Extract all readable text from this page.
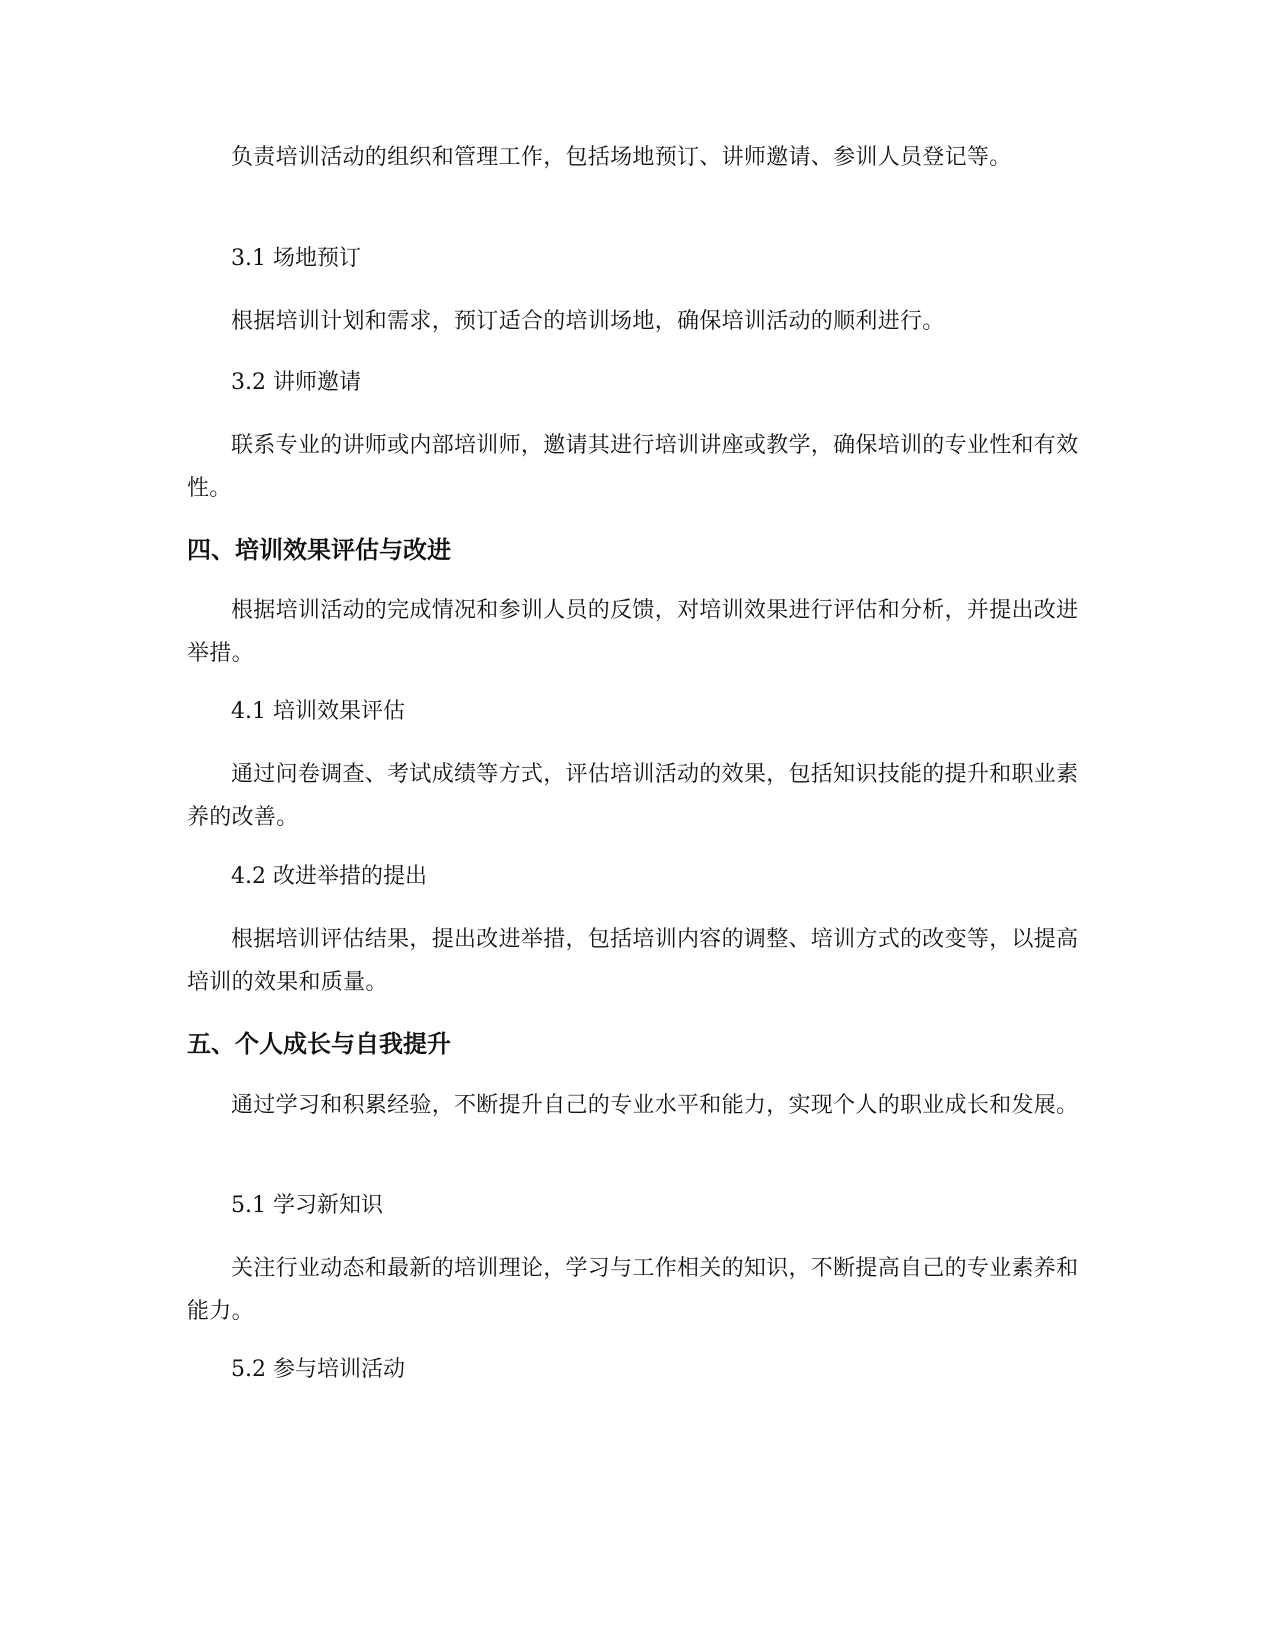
负责培训活动的组织和管理工作，包括场地预订、讲师邀请、参训人员登记等。

3.1 场地预订

根据培训计划和需求，预订适合的培训场地，确保培训活动的顺利进行。

3.2 讲师邀请

联系专业的讲师或内部培训师，邀请其进行培训讲座或教学，确保培训的专业性和有效性。

四、培训效果评估与改进

根据培训活动的完成情况和参训人员的反馈，对培训效果进行评估和分析，并提出改进举措。

4.1 培训效果评估

通过问卷调查、考试成绩等方式，评估培训活动的效果，包括知识技能的提升和职业素养的改善。

4.2 改进举措的提出

根据培训评估结果，提出改进举措，包括培训内容的调整、培训方式的改变等，以提高培训的效果和质量。

五、个人成长与自我提升

通过学习和积累经验，不断提升自己的专业水平和能力，实现个人的职业成长和发展。

5.1 学习新知识

关注行业动态和最新的培训理论，学习与工作相关的知识，不断提高自己的专业素养和能力。

5.2 参与培训活动
